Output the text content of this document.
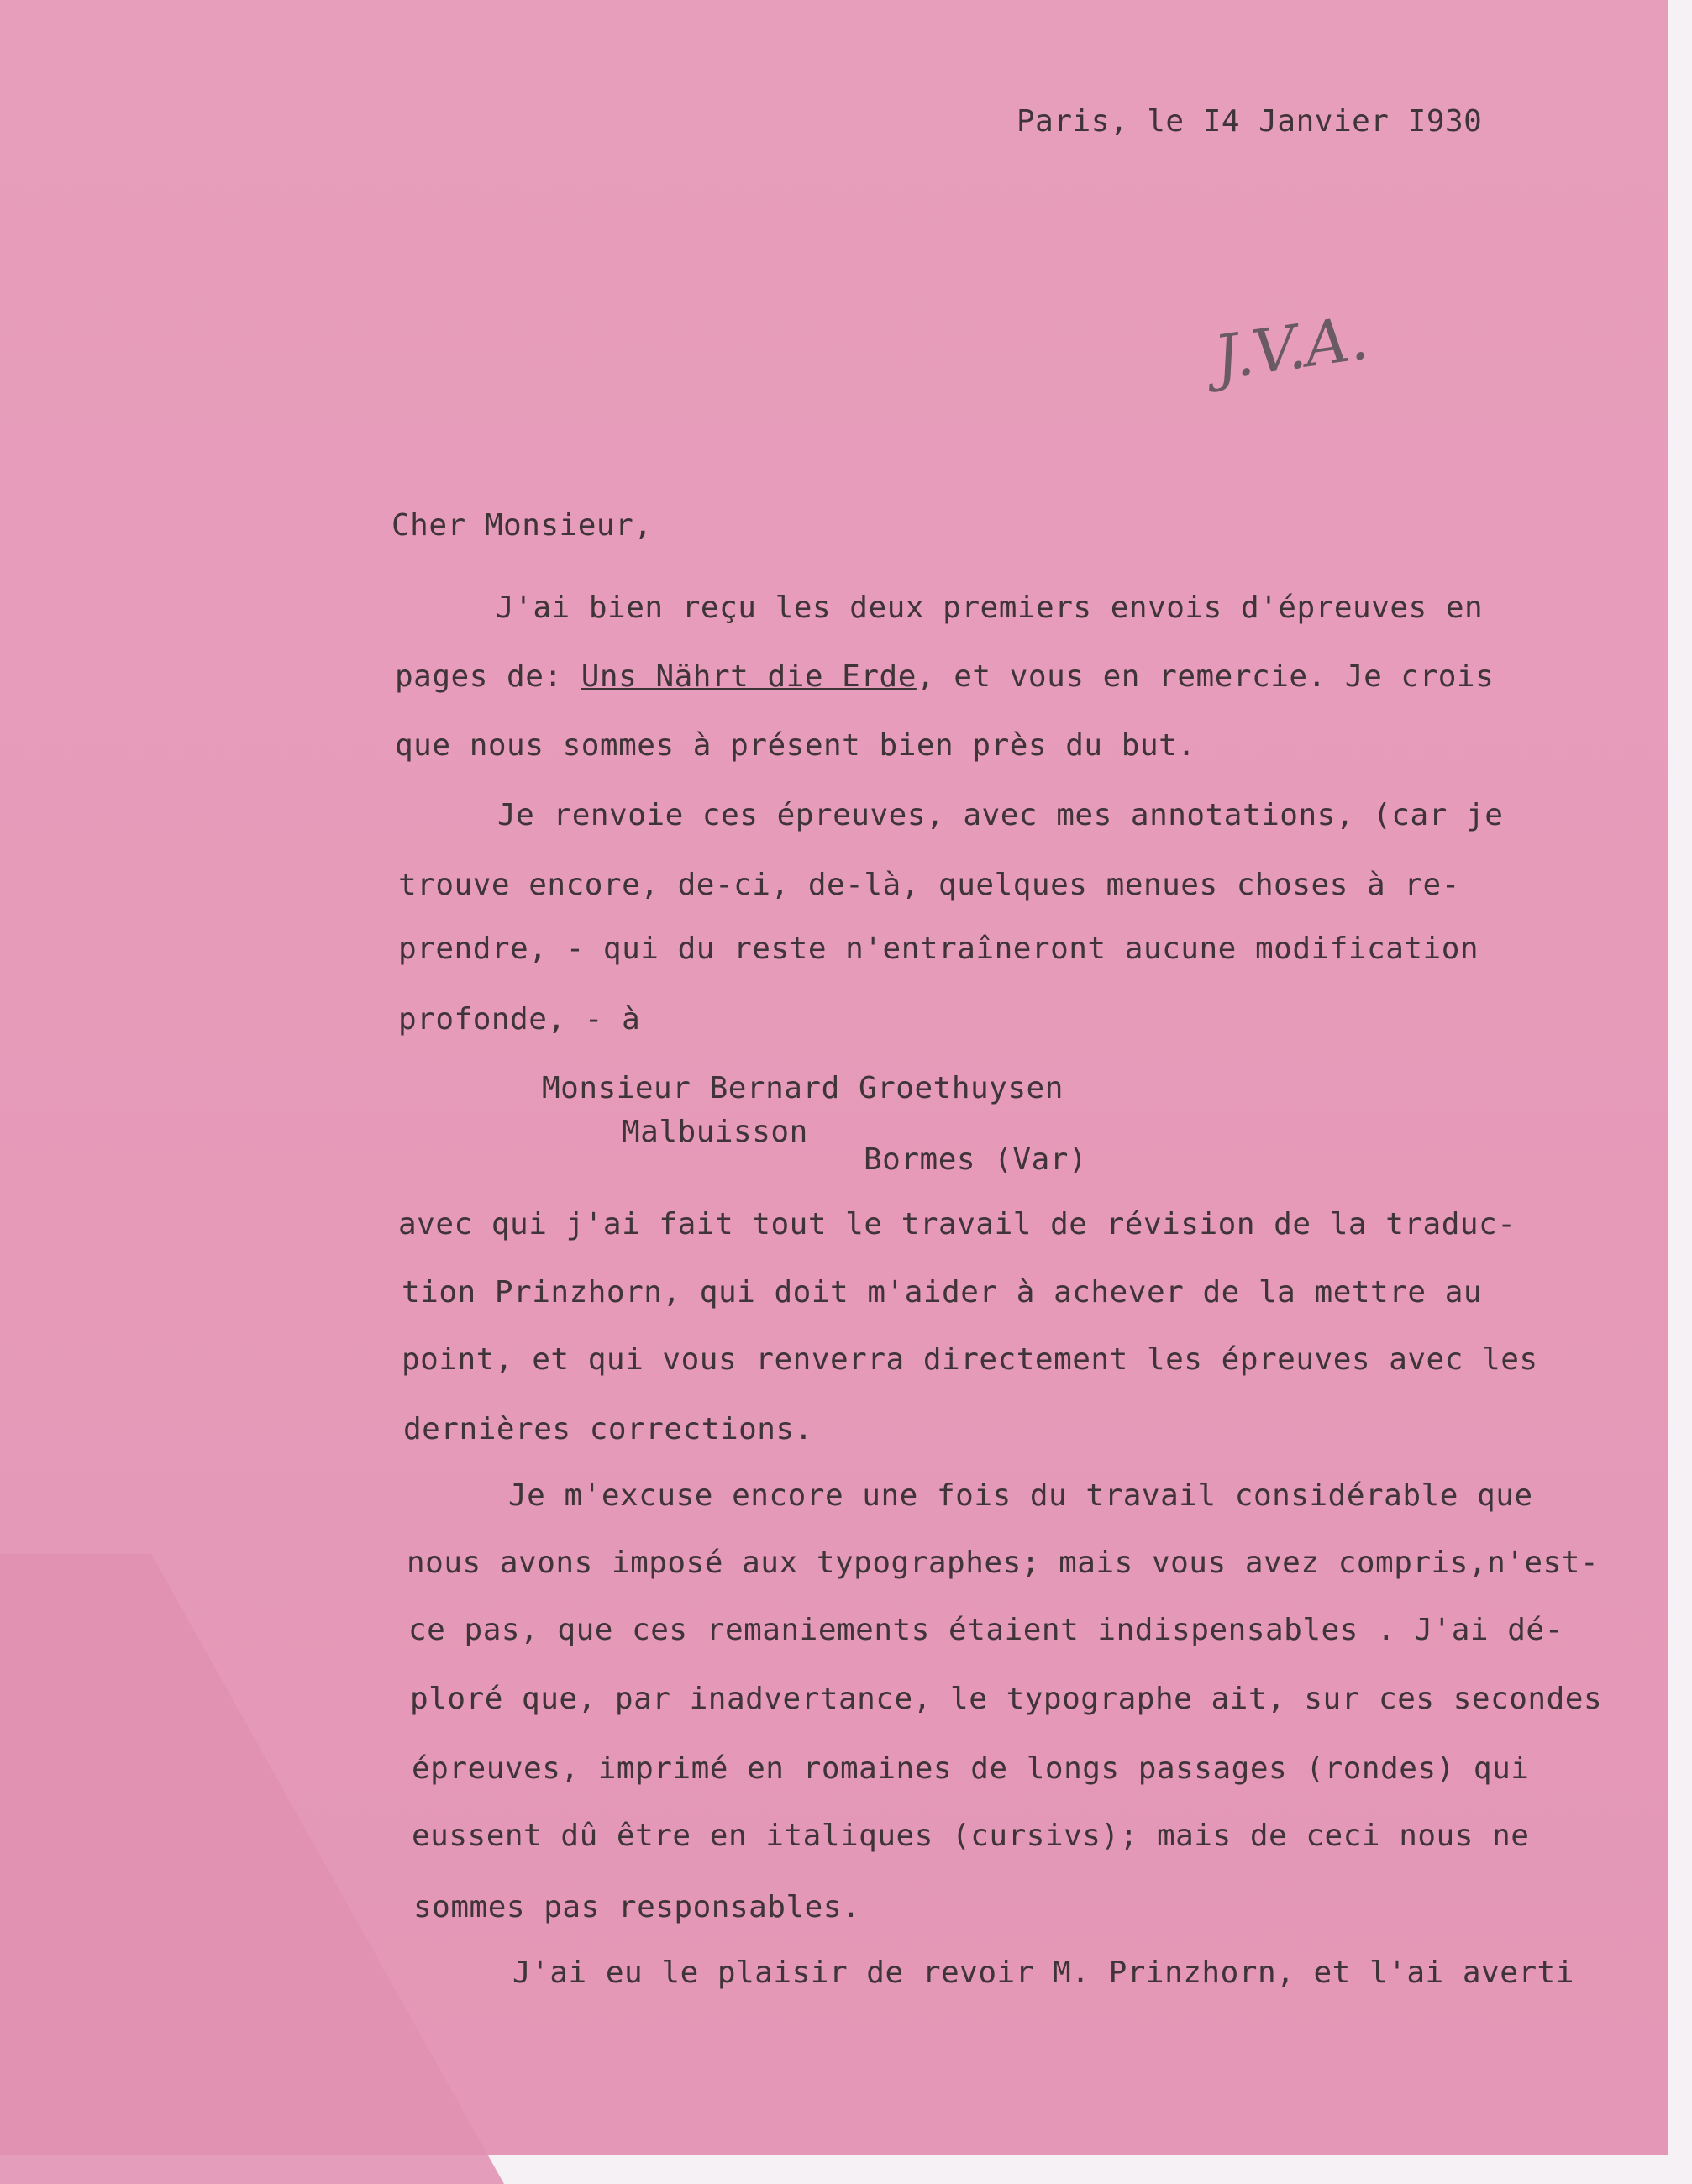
Paris, le I4 Janvier I930
J.V.A.
Cher Monsieur,
J'ai bien reçu les deux premiers envois d'épreuves en
pages de: Uns Nährt die Erde, et vous en remercie. Je crois
que nous sommes à présent bien près du but.
Je renvoie ces épreuves, avec mes annotations, (car je
trouve encore, de-ci, de-là, quelques menues choses à re-
prendre, - qui du reste n'entraîneront aucune modification
profonde, - à
Monsieur Bernard Groethuysen
Malbuisson
Bormes (Var)
avec qui j'ai fait tout le travail de révision de la traduc-
tion Prinzhorn, qui doit m'aider à achever de la mettre au
point, et qui vous renverra directement les épreuves avec les
dernières corrections.
Je m'excuse encore une fois du travail considérable que
nous avons imposé aux typographes; mais vous avez compris,n'est-
ce pas, que ces remaniements étaient indispensables . J'ai dé-
ploré que, par inadvertance, le typographe ait, sur ces secondes
épreuves, imprimé en romaines de longs passages (rondes) qui
eussent dû être en italiques (cursivs); mais de ceci nous ne
sommes pas responsables.
J'ai eu le plaisir de revoir M. Prinzhorn, et l'ai averti
